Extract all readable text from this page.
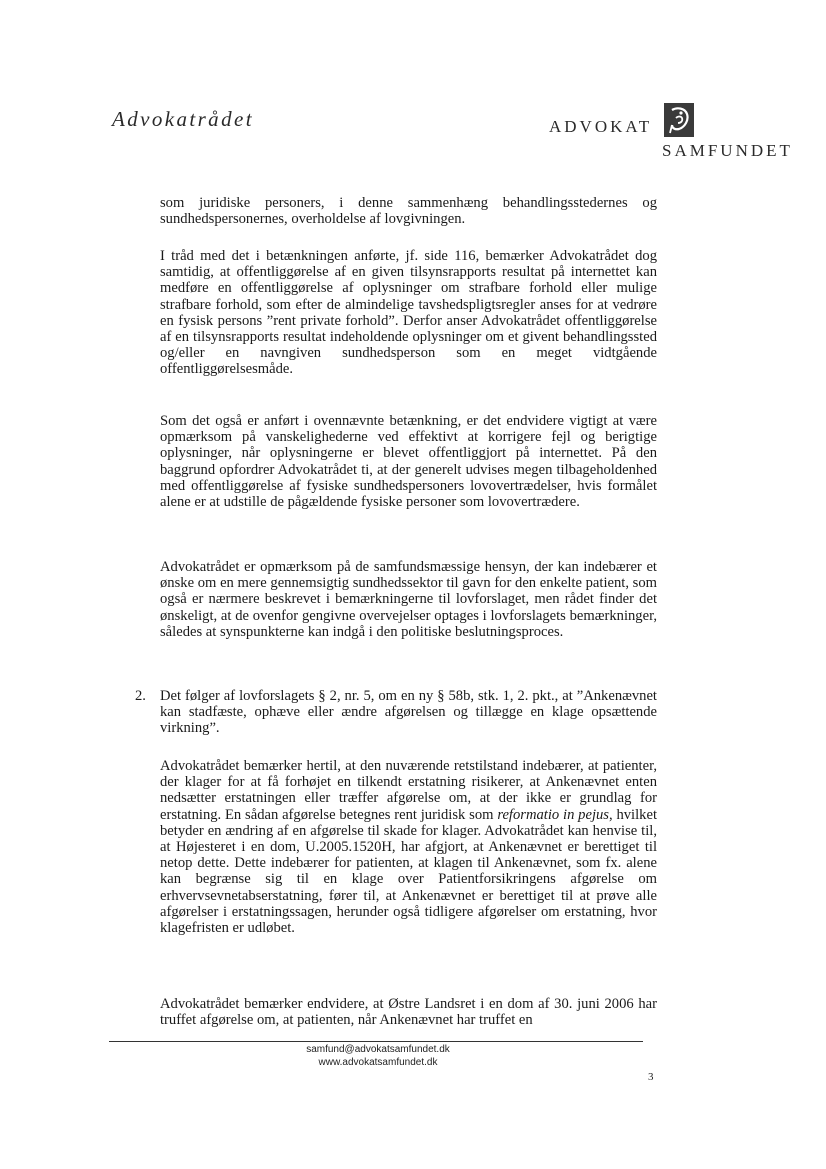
Advokatrådet	ADVOKAT
SAMFUNDET

som juridiske personers, i denne sammenhæng behandlingsstedernes og sundhedspersonernes, overholdelse af lovgivningen.

I tråd med det i betænkningen anførte, jf. side 116, bemærker Advokatrådet dog samtidig, at offentliggørelse af en given tilsynsrapports resultat på internettet kan medføre en offentliggørelse af oplysninger om strafbare forhold eller mulige strafbare forhold, som efter de almindelige tavshedspligtsregler anses for at vedrøre en fysisk persons ”rent private forhold”. Derfor anser Advokatrådet offentliggørelse af en tilsynsrapports resultat indeholdende oplysninger om et givent behandlingssted og/eller en navngiven sundhedsperson som en meget vidtgående offentliggørelsesmåde.

Som det også er anført i ovennævnte betænkning, er det endvidere vigtigt at være opmærksom på vanskelighederne ved effektivt at korrigere fejl og berigtige oplysninger, når oplysningerne er blevet offentliggjort på internettet. På den baggrund opfordrer Advokatrådet ti, at der generelt udvises megen tilbageholdenhed med offentliggørelse af fysiske sundhedspersoners lovovertrædelser, hvis formålet alene er at udstille de pågældende fysiske personer som lovovertrædere.

Advokatrådet er opmærksom på de samfundsmæssige hensyn, der kan indebærer et ønske om en mere gennemsigtig sundhedssektor til gavn for den enkelte patient, som også er nærmere beskrevet i bemærkningerne til lovforslaget, men rådet finder det ønskeligt, at de ovenfor gengivne overvejelser optages i lovforslagets bemærkninger, således at synspunkterne kan indgå i den politiske beslutningsproces.

2. Det følger af lovforslagets § 2, nr. 5, om en ny § 58b, stk. 1, 2. pkt., at ”Ankenævnet kan stadfæste, ophæve eller ændre afgørelsen og tillægge en klage opsættende virkning”.

Advokatrådet bemærker hertil, at den nuværende retstilstand indebærer, at patienter, der klager for at få forhøjet en tilkendt erstatning risikerer, at Ankenævnet enten nedsætter erstatningen eller træffer afgørelse om, at der ikke er grundlag for erstatning. En sådan afgørelse betegnes rent juridisk som reformatio in pejus, hvilket betyder en ændring af en afgørelse til skade for klager. Advokatrådet kan henvise til, at Højesteret i en dom, U.2005.1520H, har afgjort, at Ankenævnet er berettiget til netop dette. Dette indebærer for patienten, at klagen til Ankenævnet, som fx. alene kan begrænse sig til en klage over Patientforsikringens afgørelse om erhvervsevnetabserstatning, fører til, at Ankenævnet er berettiget til at prøve alle afgørelser i erstatningssagen, herunder også tidligere afgørelser om erstatning, hvor klagefristen er udløbet.

Advokatrådet bemærker endvidere, at Østre Landsret i en dom af 30. juni 2006 har truffet afgørelse om, at patienten, når Ankenævnet har truffet en

samfund@advokatsamfundet.dk
www.advokatsamfundet.dk
3
